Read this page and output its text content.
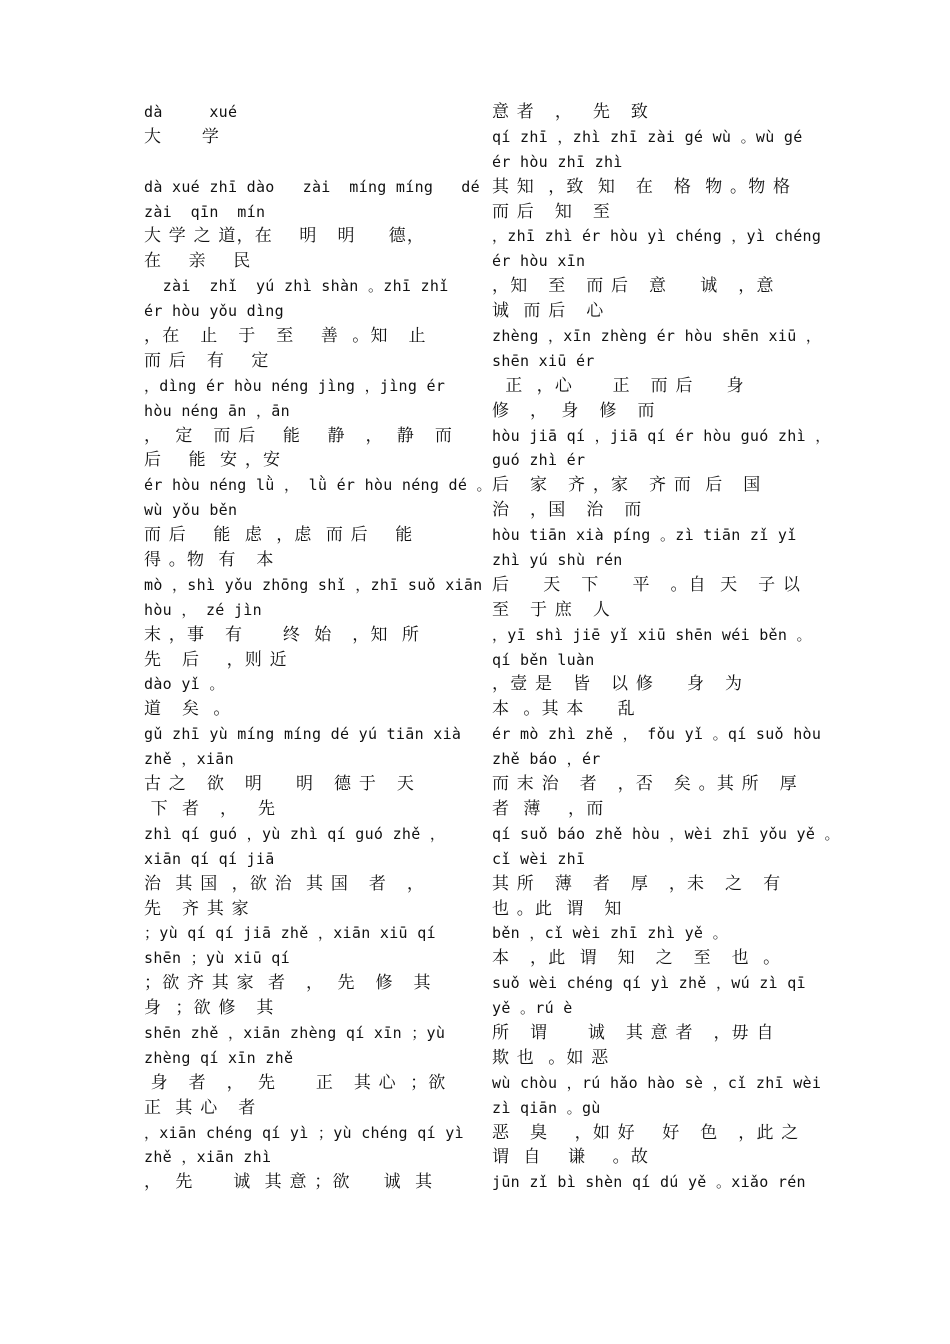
dà     xué
大      学
dà xué zhī dào   zài  míng míng   dé
zài  qīn  mín
大 学 之 道，在    明   明     德，
在    亲    民
zài  zhǐ  yú zhì shàn 。zhī zhǐ
ér hòu yǒu dìng
，在   止   于   至    善  。知   止
而 后   有    定
，dìng ér hòu néng jìng ，jìng ér
hòu néng ān ，ān
，  定   而 后    能    静   ，  静   而
后    能  安 ，安
ér hòu néng lǜ ， lǜ ér hòu néng dé 。
wù yǒu běn
而 后    能  虑  ，虑  而 后    能
得 。物  有   本
mò ，shì yǒu zhōng shǐ ，zhī suǒ xiān
hòu ， zé jìn
末 ，事   有      终  始   ，知  所
先   后    ，则 近
dào yǐ 。
道   矣  。
gǔ zhī yù míng míng dé yú tiān xià
zhě ，xiān
古 之   欲   明     明   德 于   天
下  者   ，   先
zhì qí guó ，yù zhì qí guó zhě ，
xiān qí qí jiā
治  其 国  ，欲 治  其 国   者   ，
先   齐 其 家
；yù qí qí jiā zhě ，xiān xiū qí
shēn ；yù xiū qí
；欲 齐 其 家  者   ，  先   修   其
身  ；欲 修   其
shēn zhě ，xiān zhèng qí xīn ；yù
zhèng qí xīn zhě
身   者   ，  先      正   其 心  ；欲
正  其 心   者
，xiān chéng qí yì ；yù chéng qí yì
zhě ，xiān zhì
，  先      诚  其 意 ；欲     诚  其
意 者   ，   先   致
qí zhī ，zhì zhī zài gé wù 。wù gé
ér hòu zhī zhì
其 知  ，致  知   在   格  物 。物 格
而 后   知   至
，zhī zhì ér hòu yì chéng ，yì chéng
ér hòu xīn
，知   至   而 后   意     诚   ，意
诚  而 后   心
zhèng ，xīn zhèng ér hòu shēn xiū ，
shēn xiū ér
正  ，心      正   而 后     身
修   ，  身   修   而
hòu jiā qí ，jiā qí ér hòu guó zhì ，
guó zhì ér
后   家   齐 ，家   齐 而  后   国
治   ，国   治   而
hòu tiān xià píng 。zì tiān zǐ yǐ
zhì yú shù rén
后     天   下     平   。自  天   子 以
至   于 庶   人
，yī shì jiē yǐ xiū shēn wéi běn 。
qí běn luàn
，壹 是   皆   以 修     身   为
本  。其 本     乱
ér mò zhì zhě ， fǒu yǐ 。qí suǒ hòu
zhě báo ，ér
而 末 治   者   ，否   矣 。其 所   厚
者  薄    ，而
qí suǒ báo zhě hòu ，wèi zhī yǒu yě 。
cǐ wèi zhī
其 所   薄   者   厚   ，未   之   有
也 。此  谓   知
běn ，cǐ wèi zhī zhì yě 。
本   ，此  谓   知   之   至   也  。
suǒ wèi chéng qí yì zhě ，wú zì qī
yě 。rú è
所   谓      诚   其 意 者   ，毋 自
欺 也  。如 恶
wù chòu ，rú hǎo hào sè ，cǐ zhī wèi
zì qiān 。gù
恶   臭    ，如 好    好   色   ，此 之
谓  自    谦    。故
jūn zǐ bì shèn qí dú yě 。xiǎo rén
